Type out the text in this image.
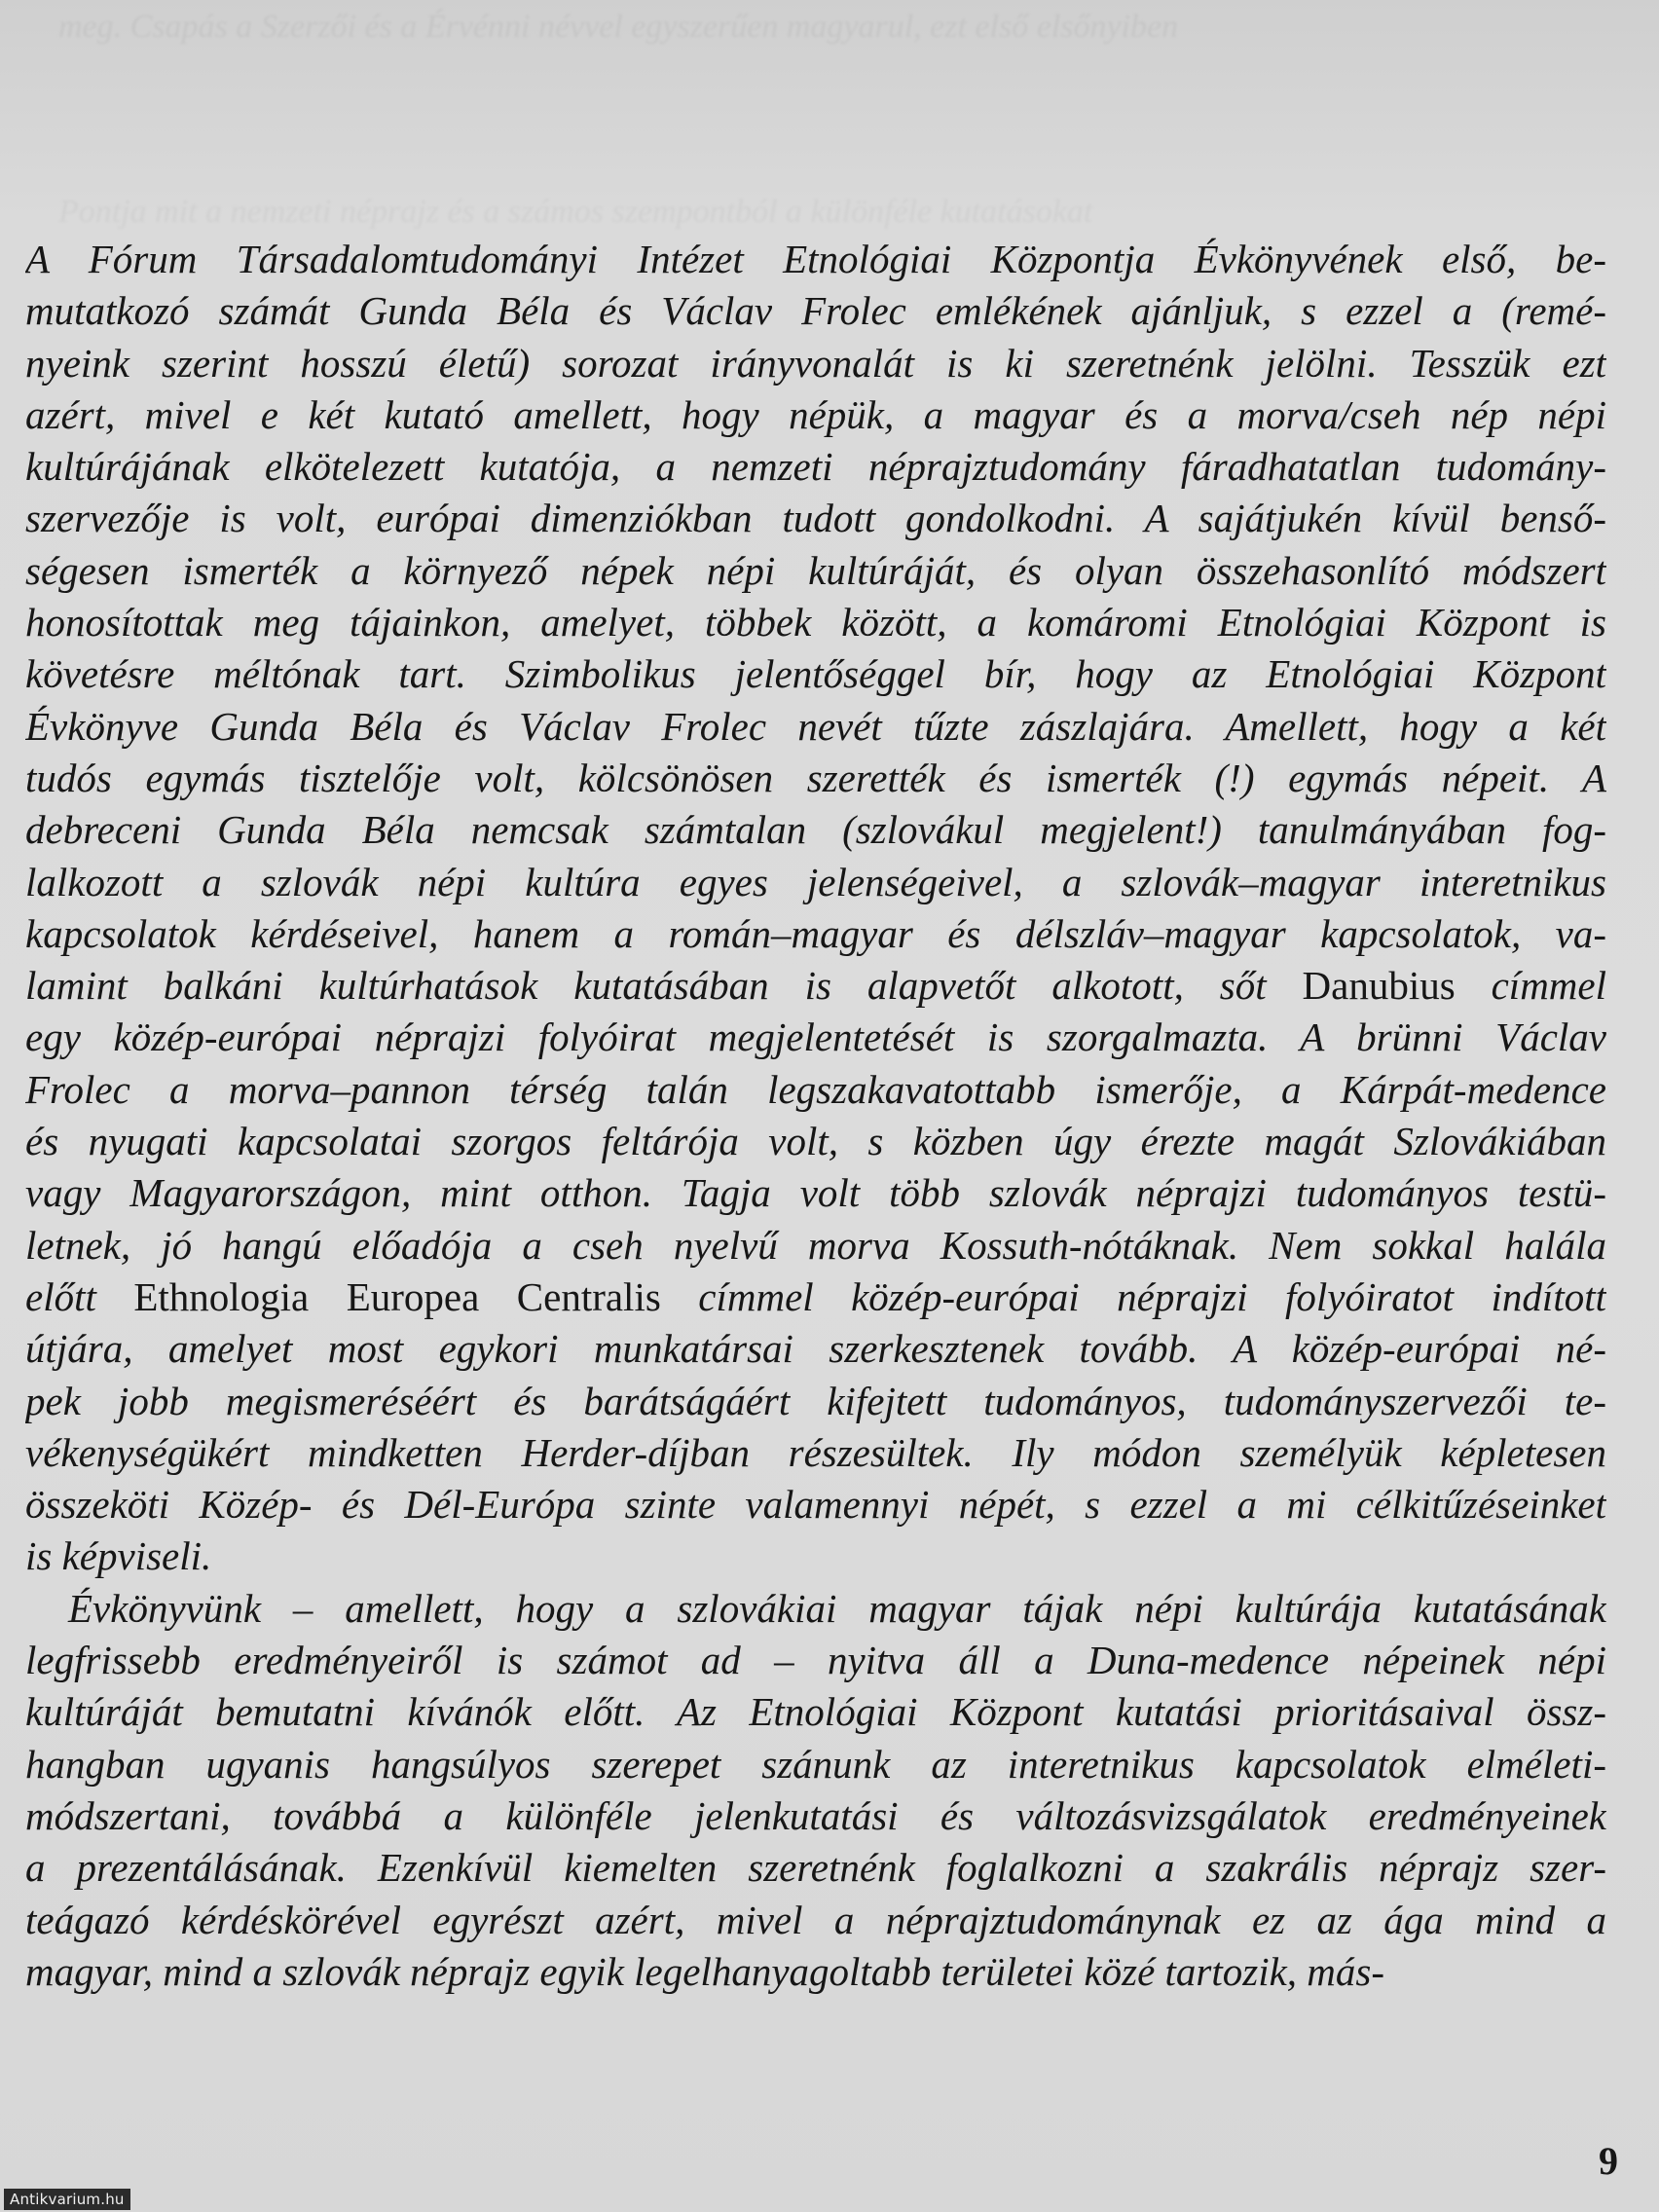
meg. Csapás a Szerzői és a Érvénni névvel egyszerűen magyarul, ezt első elsőnyiben
Pontja mit a nemzeti néprajz és a számos szempontból a különféle kutatásokat
A Fórum Társadalomtudományi Intézet Etnológiai Központja Évkönyvének első, be-
mutatkozó számát Gunda Béla és Václav Frolec emlékének ajánljuk, s ezzel a (remé-
nyeink szerint hosszú életű) sorozat irányvonalát is ki szeretnénk jelölni. Tesszük ezt
azért, mivel e két kutató amellett, hogy népük, a magyar és a morva/cseh nép népi
kultúrájának elkötelezett kutatója, a nemzeti néprajztudomány fáradhatatlan tudomány-
szervezője is volt, európai dimenziókban tudott gondolkodni. A sajátjukén kívül benső-
ségesen ismerték a környező népek népi kultúráját, és olyan összehasonlító módszert
honosítottak meg tájainkon, amelyet, többek között, a komáromi Etnológiai Központ is
követésre méltónak tart. Szimbolikus jelentőséggel bír, hogy az Etnológiai Központ
Évkönyve Gunda Béla és Václav Frolec nevét tűzte zászlajára. Amellett, hogy a két
tudós egymás tisztelője volt, kölcsönösen szerették és ismerték (!) egymás népeit. A
debreceni Gunda Béla nemcsak számtalan (szlovákul megjelent!) tanulmányában fog-
lalkozott a szlovák népi kultúra egyes jelenségeivel, a szlovák–magyar interetnikus
kapcsolatok kérdéseivel, hanem a román–magyar és délszláv–magyar kapcsolatok, va-
lamint balkáni kultúrhatások kutatásában is alapvetőt alkotott, sőt Danubius címmel
egy közép-európai néprajzi folyóirat megjelentetését is szorgalmazta. A brünni Václav
Frolec a morva–pannon térség talán legszakavatottabb ismerője, a Kárpát-medence
és nyugati kapcsolatai szorgos feltárója volt, s közben úgy érezte magát Szlovákiában
vagy Magyarországon, mint otthon. Tagja volt több szlovák néprajzi tudományos testü-
letnek, jó hangú előadója a cseh nyelvű morva Kossuth-nótáknak. Nem sokkal halála
előtt Ethnologia Europea Centralis címmel közép-európai néprajzi folyóiratot indított
útjára, amelyet most egykori munkatársai szerkesztenek tovább. A közép-európai né-
pek jobb megismeréséért és barátságáért kifejtett tudományos, tudományszervezői te-
vékenységükért mindketten Herder-díjban részesültek. Ily módon személyük képletesen
összeköti Közép- és Dél-Európa szinte valamennyi népét, s ezzel a mi célkitűzéseinket
is képviseli.
Évkönyvünk – amellett, hogy a szlovákiai magyar tájak népi kultúrája kutatásának
legfrissebb eredményeiről is számot ad – nyitva áll a Duna-medence népeinek népi
kultúráját bemutatni kívánók előtt. Az Etnológiai Központ kutatási prioritásaival össz-
hangban ugyanis hangsúlyos szerepet szánunk az interetnikus kapcsolatok elméleti-
módszertani, továbbá a különféle jelenkutatási és változásvizsgálatok eredményeinek
a prezentálásának. Ezenkívül kiemelten szeretnénk foglalkozni a szakrális néprajz szer-
teágazó kérdéskörével egyrészt azért, mivel a néprajztudománynak ez az ága mind a
magyar, mind a szlovák néprajz egyik legelhanyagoltabb területei közé tartozik, más-
9
Antikvarium.hu
